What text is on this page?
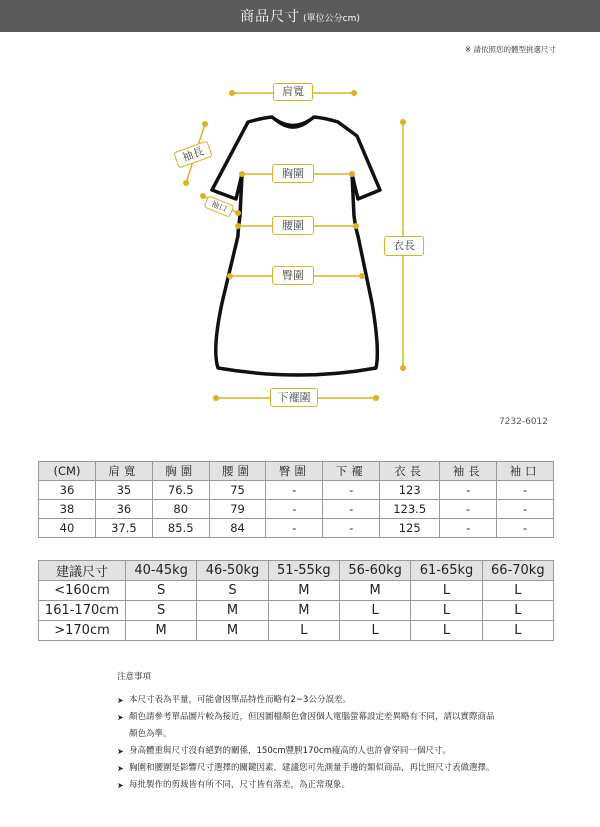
商品尺寸 (單位公分cm)
※ 請依照您的體型挑選尺寸
肩寬
袖長
袖口
胸圍
腰圍
臀圍
衣長
下襬圍
7232-6012
(CM)	肩寬	胸圍	腰圍	臀圍	下襬	衣長	袖長	袖口
36	35	76.5	75	-	-	123	-	-
38	36	80	79	-	-	123.5	-	-
40	37.5	85.5	84	-	-	125	-	-
建議尺寸	40-45kg	46-50kg	51-55kg	56-60kg	61-65kg	66-70kg
<160cm	S	S	M	M	L	L
161-170cm	S	M	M	L	L	L
>170cm	M	M	L	L	L	L
注意事項
➤ 本尺寸表為平量，可能會因單品特性而略有2~3公分誤差。
➤ 顏色請參考單品圖片較為接近，但因圖檔顏色會因個人電腦螢幕設定差異略有不同，請以實際商品顏色為準。
➤ 身高體重與尺寸沒有絕對的關係，150cm豐腴170cm瘦高的人也許會穿同一個尺寸。
➤ 胸圍和腰圍是影響尺寸選擇的關鍵因素，建議您可先測量手邊的類似商品，再比照尺寸表做選擇。
➤ 每批製作的剪裁皆有所不同，尺寸皆有落差，為正常現象。
